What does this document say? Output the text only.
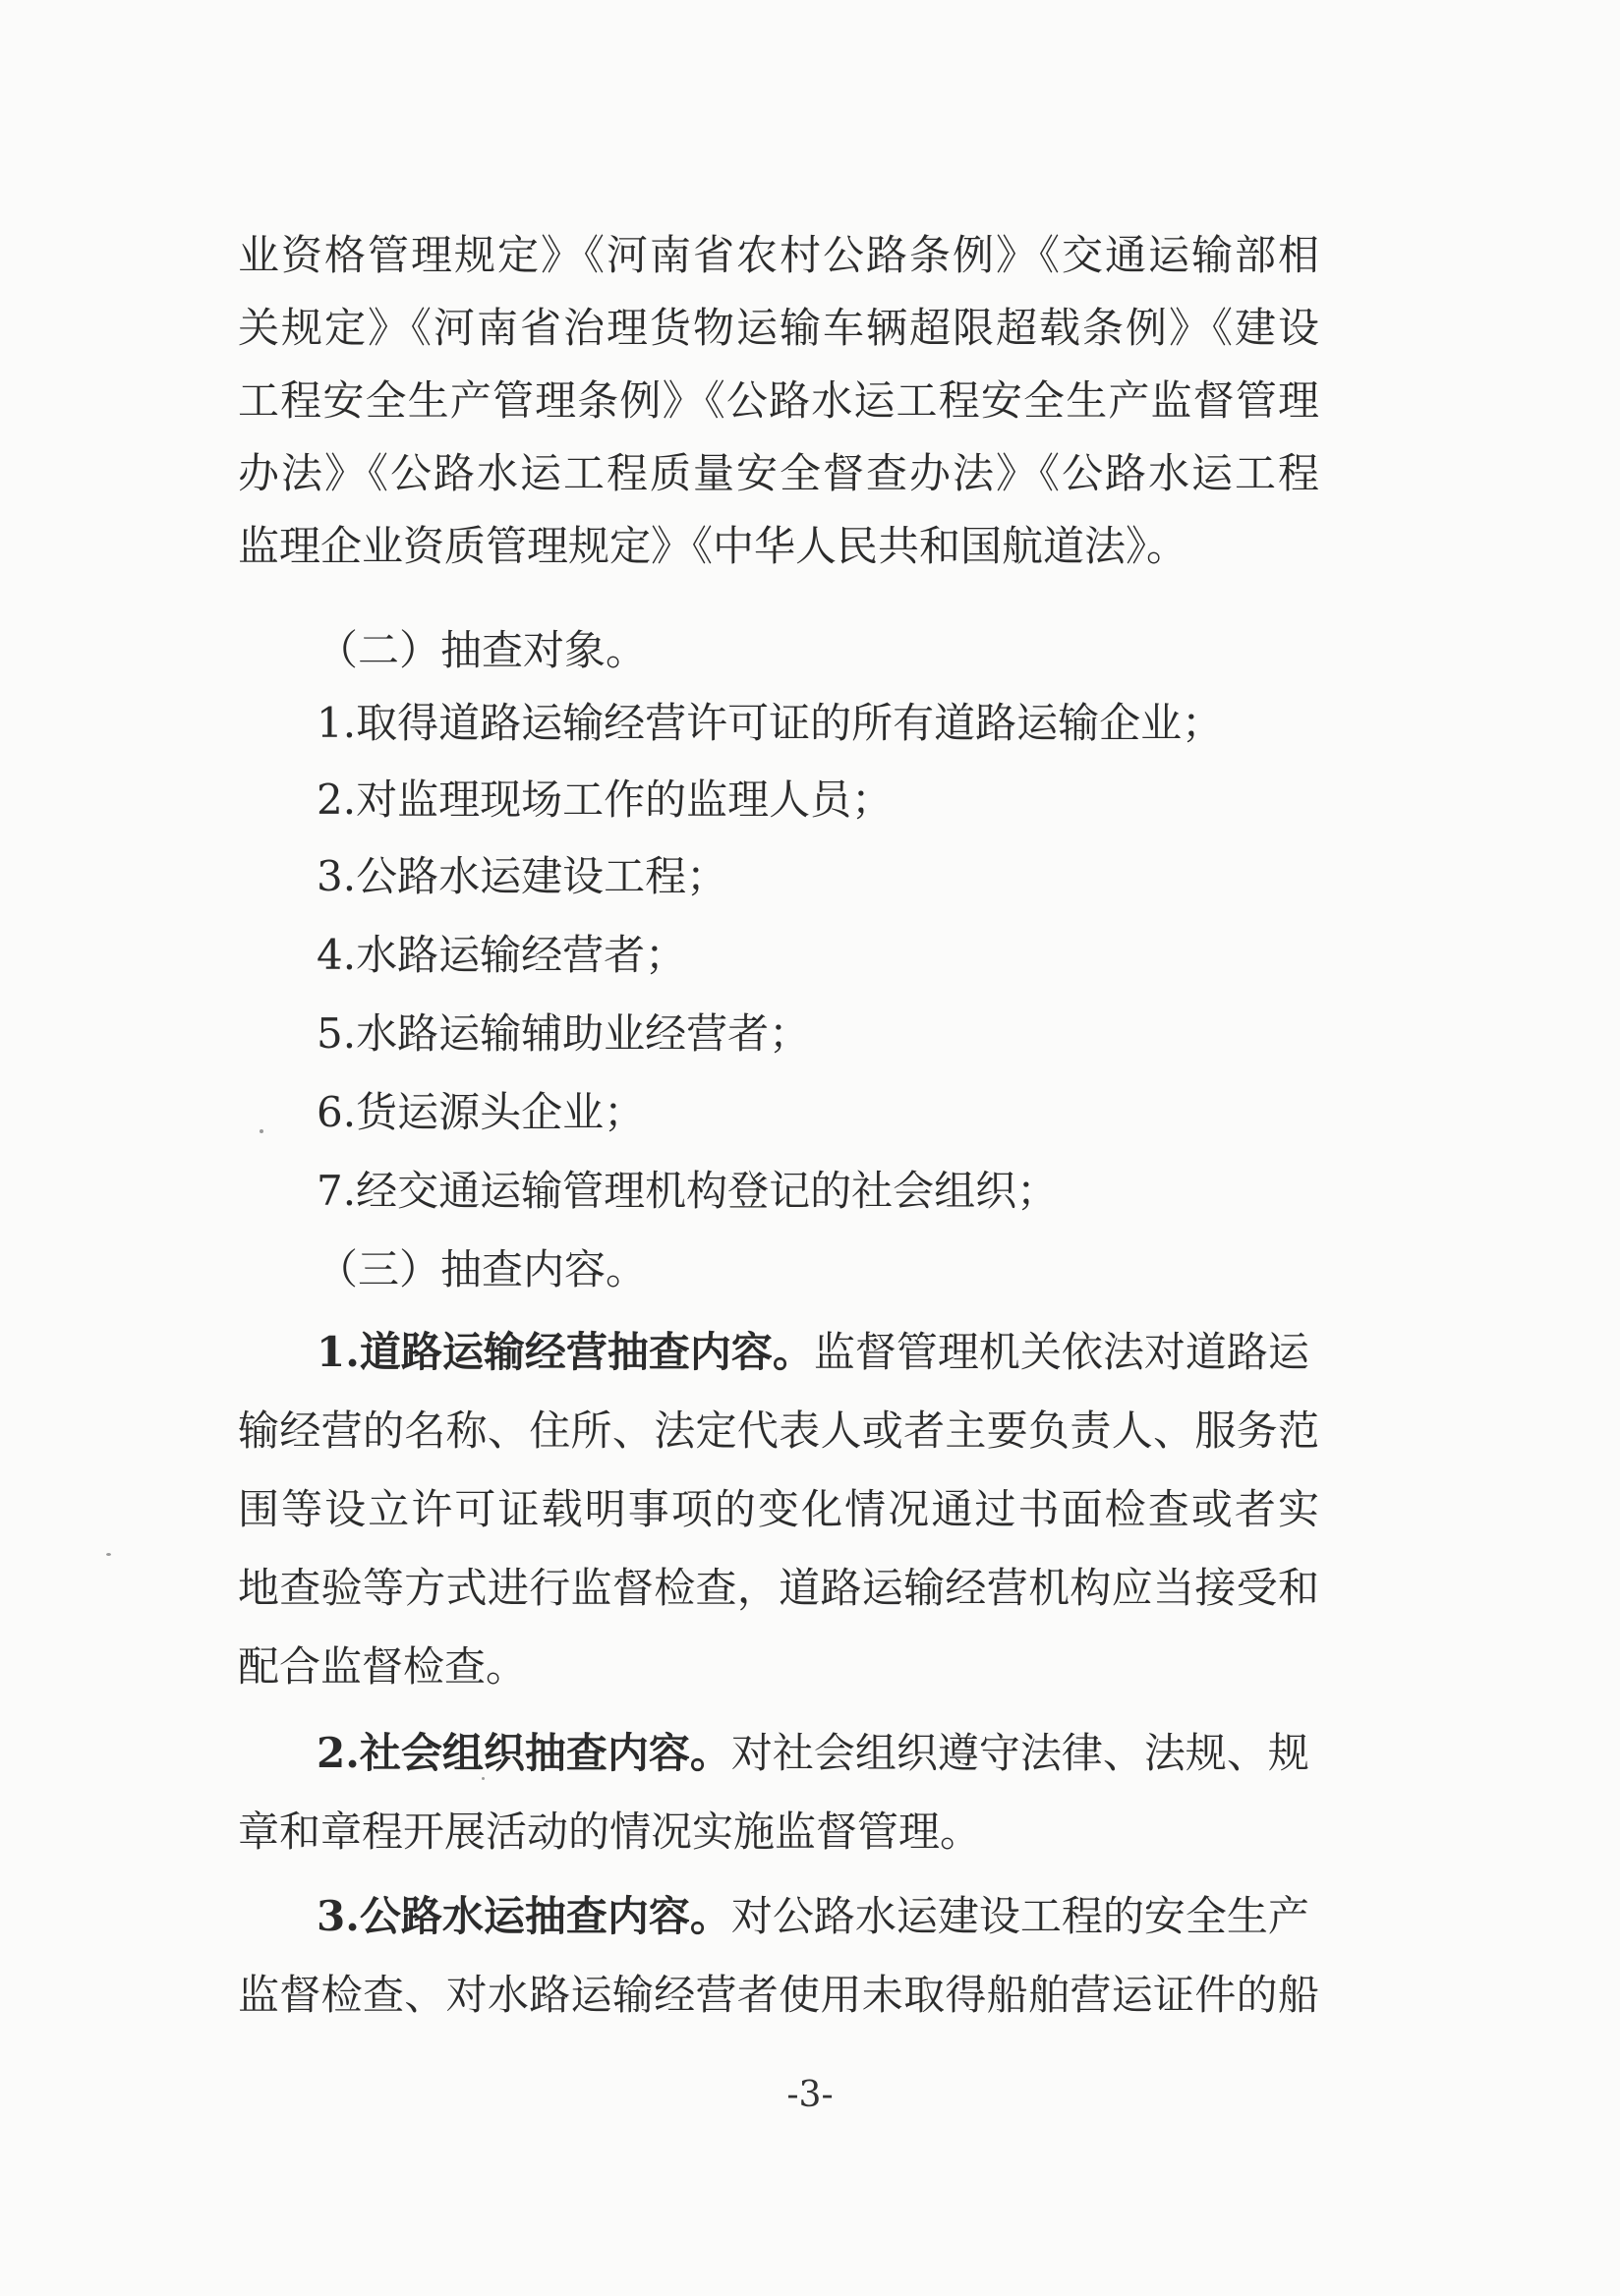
业资格管理规定》《河南省农村公路条例》《交通运输部相
关规定》《河南省治理货物运输车辆超限超载条例》《建设
工程安全生产管理条例》《公路水运工程安全生产监督管理
办法》《公路水运工程质量安全督查办法》《公路水运工程
监理企业资质管理规定》《中华人民共和国航道法》。
（二）抽查对象。
1.取得道路运输经营许可证的所有道路运输企业；
2.对监理现场工作的监理人员；
3.公路水运建设工程；
4.水路运输经营者；
5.水路运输辅助业经营者；
6.货运源头企业；
7.经交通运输管理机构登记的社会组织；
（三）抽查内容。
1.道路运输经营抽查内容。监督管理机关依法对道路运
输经营的名称、住所、法定代表人或者主要负责人、服务范
围等设立许可证载明事项的变化情况通过书面检查或者实
地查验等方式进行监督检查，道路运输经营机构应当接受和
配合监督检查。
2.社会组织抽查内容。对社会组织遵守法律、法规、规
章和章程开展活动的情况实施监督管理。
3.公路水运抽查内容。对公路水运建设工程的安全生产
监督检查、对水路运输经营者使用未取得船舶营运证件的船
-3-
